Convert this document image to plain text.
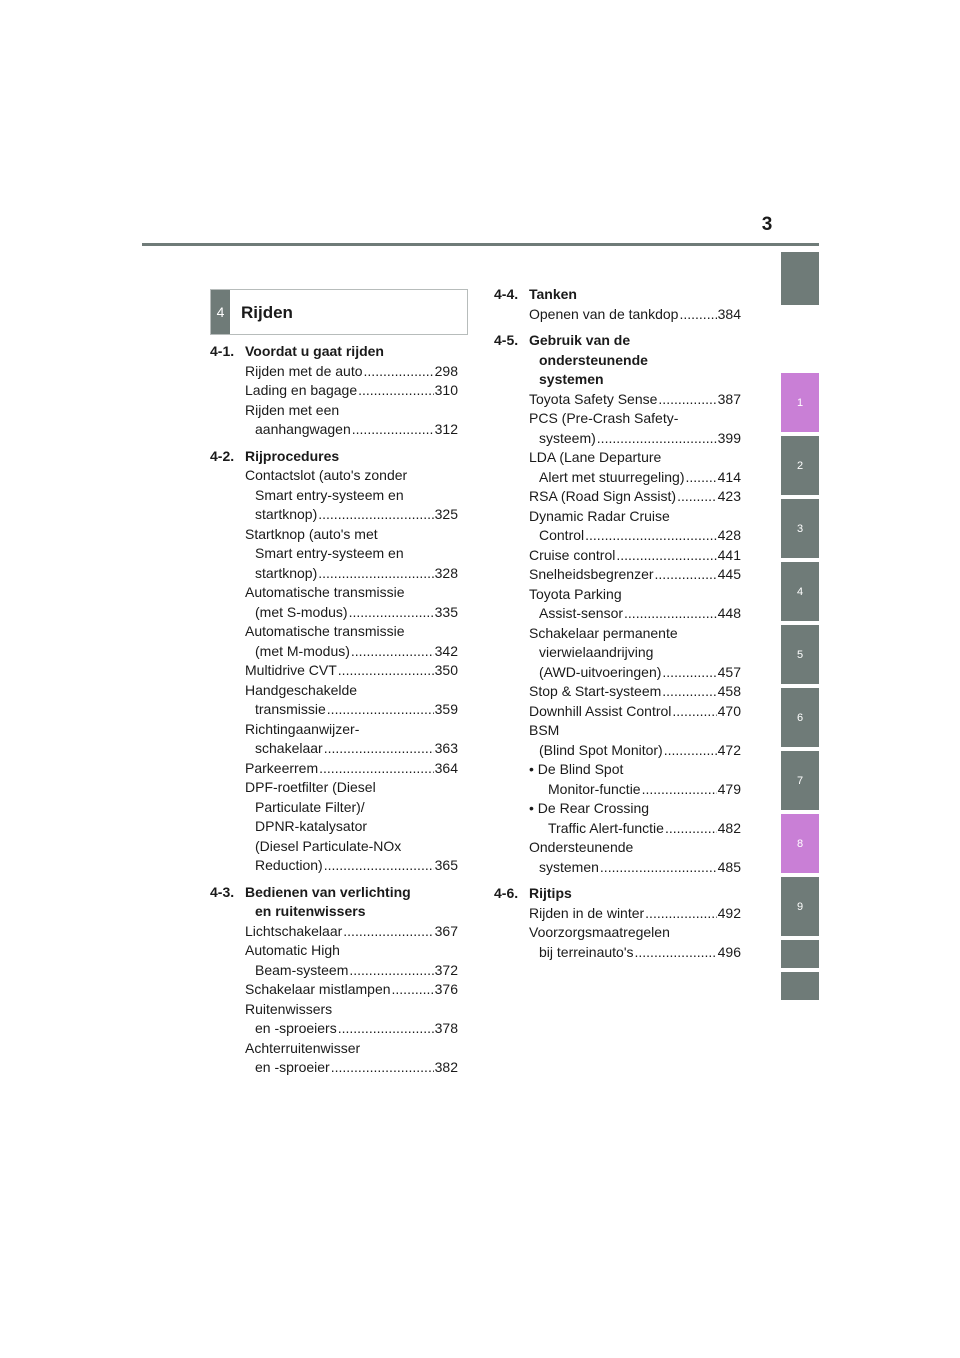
3
1
2
3
4
5
6
7
8
9
4 Rijden
4-1. Voordat u gaat rijden
Rijden met de auto .....	298
Lading en bagage .....	310
Rijden met een
aanhangwagen .....	312
4-2. Rijprocedures
Contactslot (auto's zonder
Smart entry-systeem en
startknop) .....	325
Startknop (auto's met
Smart entry-systeem en
startknop) .....	328
Automatische transmissie
(met S-modus) .....	335
Automatische transmissie
(met M-modus) .....	342
Multidrive CVT .....	350
Handgeschakelde
transmissie .....	359
Richtingaanwijzer-
schakelaar .....	363
Parkeerrem .....	364
DPF-roetfilter (Diesel
Particulate Filter)/
DPNR-katalysator
(Diesel Particulate-NOx
Reduction) .....	365
4-3. Bedienen van verlichting
en ruitenwissers
Lichtschakelaar .....	367
Automatic High
Beam-systeem .....	372
Schakelaar mistlampen .....	376
Ruitenwissers
en -sproeiers .....	378
Achterruitenwisser
en -sproeier .....	382
4-4. Tanken
Openen van de tankdop .....	384
4-5. Gebruik van de
ondersteunende
systemen
Toyota Safety Sense .....	387
PCS (Pre-Crash Safety-
systeem) .....	399
LDA (Lane Departure
Alert met stuurregeling) ..... 414
RSA (Road Sign Assist) .....	423
Dynamic Radar Cruise
Control .....	428
Cruise control .....	441
Snelheidsbegrenzer .....	445
Toyota Parking
Assist-sensor .....	448
Schakelaar permanente
vierwielaandrijving
(AWD-uitvoeringen) .....	457
Stop & Start-systeem .....	458
Downhill Assist Control .....	470
BSM
(Blind Spot Monitor) .....	472
• De Blind Spot
Monitor-functie .....	479
• De Rear Crossing
Traffic Alert-functie .....	482
Ondersteunende
systemen .....	485
4-6. Rijtips
Rijden in de winter .....	492
Voorzorgsmaatregelen
bij terreinauto's .....	496
